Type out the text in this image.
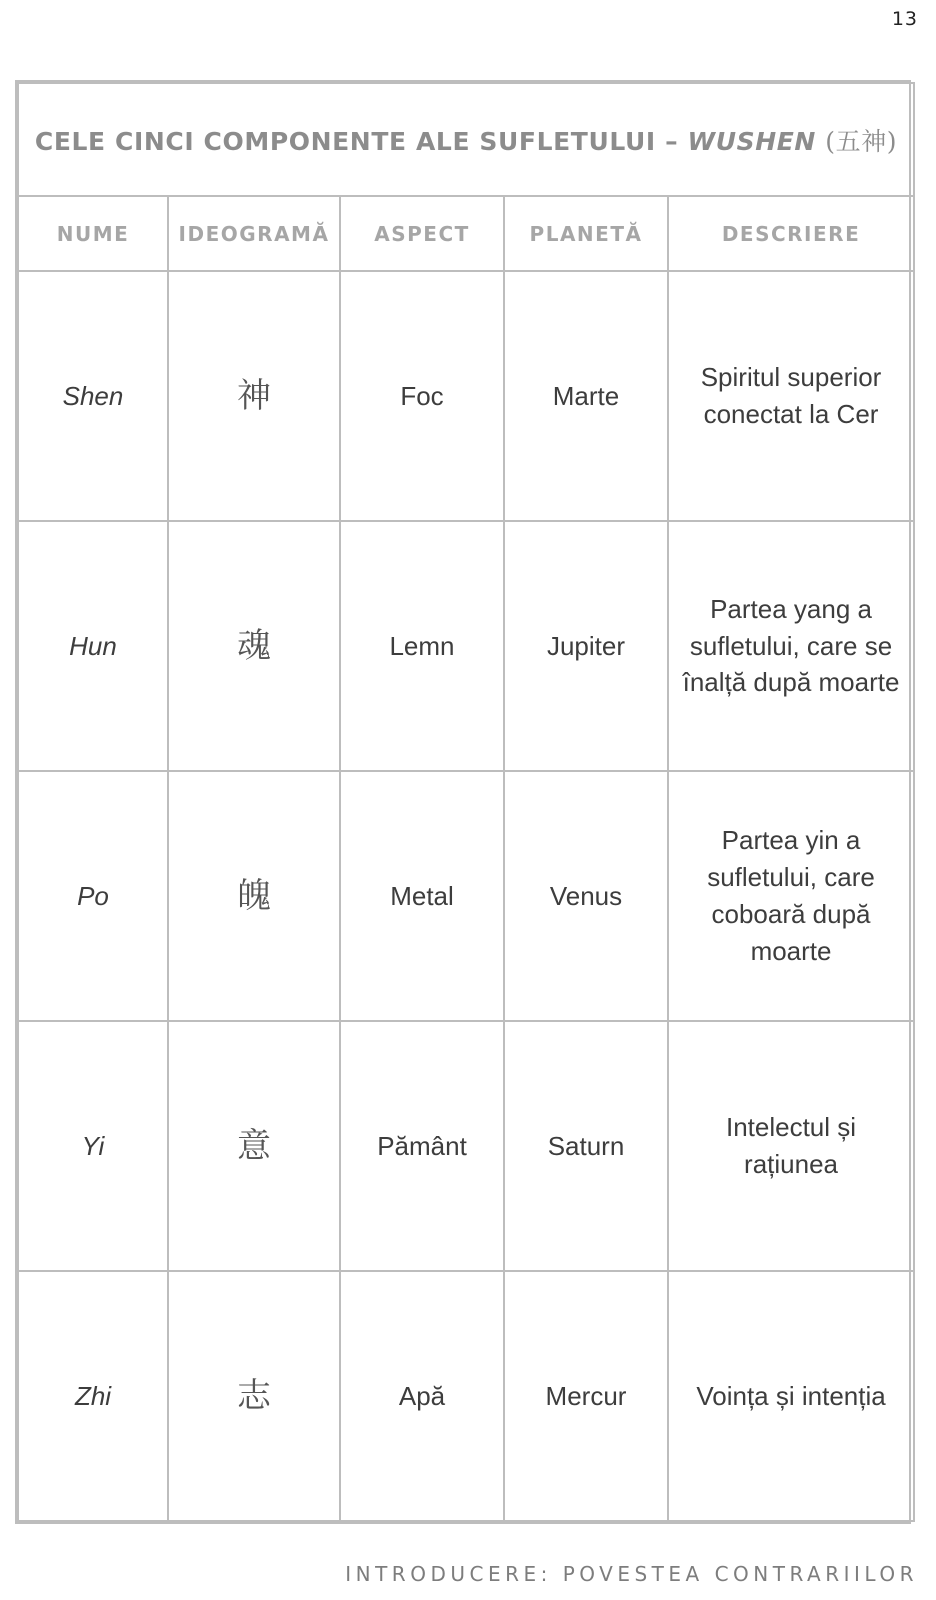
13
CELE CINCI COMPONENTE ALE SUFLETULUI – WUSHEN (五神)				
NUME	IDEOGRAMĂ	ASPECT	PLANETĂ	DESCRIERE
Shen	神	Foc	Marte	Spiritul superior conectat la Cer
Hun	魂	Lemn	Jupiter	Partea yang a sufletului, care se înalță după moarte
Po	魄	Metal	Venus	Partea yin a sufletului, care coboară după moarte
Yi	意	Pământ	Saturn	Intelectul și rațiunea
Zhi	志	Apă	Mercur	Voința și intenția
INTRODUCERE: POVESTEA CONTRARIILOR
